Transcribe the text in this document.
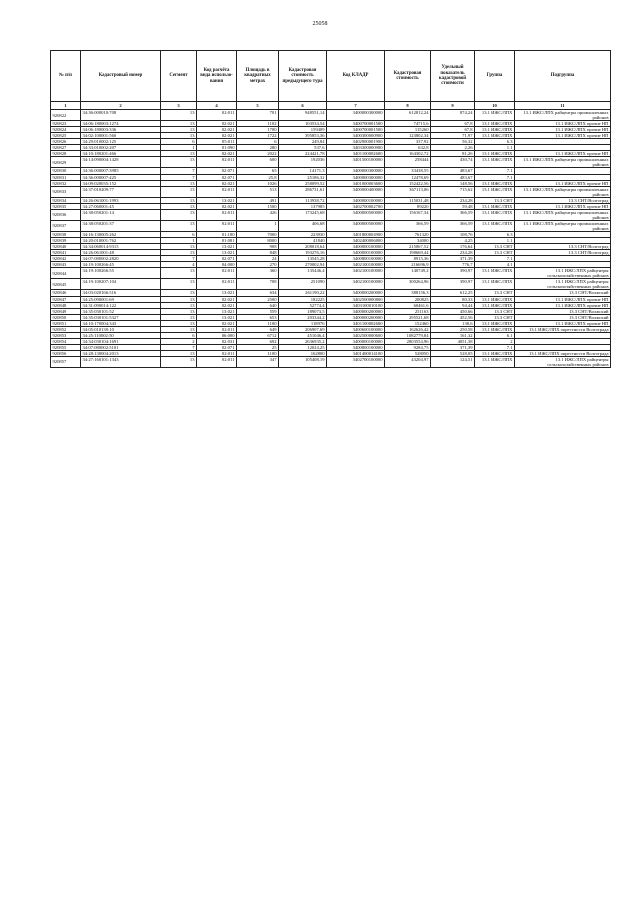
25058
№ п/п	Кадастровый номер	Сегмент	Код расчёта вида использо-вания	Площадь в квадратных метрах	Кадастровая стоимость предыдущего тура	Код КЛАДР	Кадастровая стоимость	Удельный показатель кадастровой стоимости	Группа	Подгруппа
1	2	3	4	5	6	7	8	9	10	11
920822	34:36:000010:708	13	02:011	701	948551,14	3400000300000	612812,24	874,24	13.1 ИЖС/ЛПХ	13.1 ИЖС/ЛПХ райцентры промышленных районов
920823	34:06:180003:1274	13	02:021	1102	103534,54	3400700001500	74715,6	67,8	13.1 ИЖС/ЛПХ	13.1 ИЖС/ЛПХ прочие НП
920824	34:06:180003:336	13	02:021	1700	159409	3400700001500	115260	67,8	13.1 ИЖС/ЛПХ	13.1 ИЖС/ЛПХ прочие НП
920825	34:02:100001:560	13	02:021	1722	395853,36	3400300000900	123802,34	71,97	13.1 ИЖС/ЛПХ	13.1 ИЖС/ЛПХ прочие НП
920826	34:29:010002:125	6	05:011	6	249,84	3402900001900	337,92	56,32	6.3	
920827	34:33:010002:207	1	01:090	280	537,6	3403300000900	632,8	2,26	1.1	
920828	34:10:180201:466	13	02:021	2022	224421,78	3401100002600	164302,72	81,26	13.1 ИЖС/ЛПХ	13.1 ИЖС/ЛПХ прочие НП
920829	34:14:090004:1428	13	02:011	600	192036	3401500100000	258444	430,74	13.1 ИЖС/ЛПХ	13.1 ИЖС/ЛПХ райцентры промышленных районов
920830	34:36:000007:3985	7	02:071	65	14171,3	3400000300000	33438,55	483,67	7.1	
920831	34:36:000007:425	7	02:071	25,8	25186,32	3400000300000	12478,69	483,67	7.1	
920832	34:09:020035:152	13	02:021	1026	258099,52	3401000003600	152422,56	148,56	13.1 ИЖС/ЛПХ	13.1 ИЖС/ЛПХ прочие НП
920833	34:37:010209:77	13	02:011	513	286731,61	3400000400000	367113,06	715,62	13.1 ИЖС/ЛПХ	13.1 ИЖС/ЛПХ райцентры промышленных районов
920834	34:26:061001:1993	13	13:021	491	113938,72	3400000100000	115031,48	234,28	13.3 СНТ	13.3 СНТ/Волгоград
920835	34:27:060001:45	13	02:021	1500	137985	3402700002700	89220	59,48	13.1 ИЖС/ЛПХ	13.1 ИЖС/ЛПХ прочие НП
920836	34:38:050201:14	13	02:011	426	173245,68	3400000500000	156167,34	366,59	13.1 ИЖС/ЛПХ	13.1 ИЖС/ЛПХ райцентры промышленных районов
920837	34:38:050201:37	13	02:011	1	406,68	3400000500000	366,59	366,59	13.1 ИЖС/ЛПХ	13.1 ИЖС/ЛПХ райцентры промышленных районов
920838	34:16:130005:262	6	01:180	7000	223930	3401800004900	761320	108,76	6.3	
920839	34:20:010001:762	1	01:081	8000	41840	3402400006800	34000	4,25	1.1	
920840	34:34:060014:9315	13	13:021	908	208018,64	3400000100000	215067,52	176,64	13.3 СНТ	13.3 СНТ/Волгоград
920841	34:26:061001:48	13	13:021	848	193276,16	3400000100000	198669,44	234,28	13.3 СНТ	13.3 СНТ/Волгоград
920842	34:07:080002:2820	7	02:071	24	13545,28	3400800100000	8915,36	371,39	7.1	
920843	34:19:100266:45	4	04:000	270	270002,94	3402100100000	216696,9	776,7	4.1	
920844	34:19:100266:55	13	02:011	360	135446,4	3402100100000	140749,2	390,97	13.1 ИЖС/ЛПХ	13.1 ИЖС/ЛПХ райцентры сельскохозяйственных районов
920845	34:19:100207:104	13	02:011	708	251090	3402100100000	300264,96	390,97	13.1 ИЖС/ЛПХ	13.1 ИЖС/ЛПХ райцентры сельскохозяйственных районов
920846	34:03:020166:516	13	13:021	634	261190,22	3400000200000	388156,3	612,25	13.3 СНТ	13.3 СНТ/Волжский
920847	34:25:090001:69	13	02:021	2500	182225	3402500000800	200825	80,33	13.1 ИЖС/ЛПХ	13.1 ИЖС/ЛПХ прочие НП
920848	34:31:090014:122	13	02:021	640	52774,4	3403100010100	60461,6	94,44	13.1 ИЖС/ЛПХ	13.1 ИЖС/ЛПХ прочие НП
920849	34:35:030101:52	13	13:021	559	189073,5	3400000200000	251163	450,66	13.3 СНТ	13.3 СНТ/Волжский
920850	34:35:030101:5327	13	13:021	653	203344,2	3400000200000	295521,68	452,56	13.3 СНТ	13.3 СНТ/Волжский
920851	34:10:170004:343	13	02:021	1100	118976	3401100002600	152460	138,6	13.1 ИЖС/ЛПХ	13.1 ИЖС/ЛПХ прочие НП
920852	34:05:010139:10	13	02:011	649	206907,69	3400600100000	162626,42	250,58	13.1 ИЖС/ЛПХ	13.1 ИЖС/ЛПХ окрестности Волгограда
920853	34:25:110002:50	6	06:000	6712	451046,4	3402500000600	1082779,84	161,32	6.1	
920854	34:34:030104:1691	2	02:031	692	2636935,2	3400000100000	2803554,96	4051,38	2	
920855	34:07:080002:5101	7	02:071	25	12024,25	3400800100000	9284,75	371,39	7.1	
920856	34:28:130004:2013	13	02:011	1100	162800	3401400014100	528050	528,05	13.1 ИЖС/ЛПХ	13.1 ИЖС/ЛПХ окрестности Волгограда
920857	34:27:160101:1343	13	02:011	347	105408,19	3402700100000	43204,97	124,51	13.1 ИЖС/ЛПХ	13.1 ИЖС/ЛПХ райцентры сельскохозяйственных районов
